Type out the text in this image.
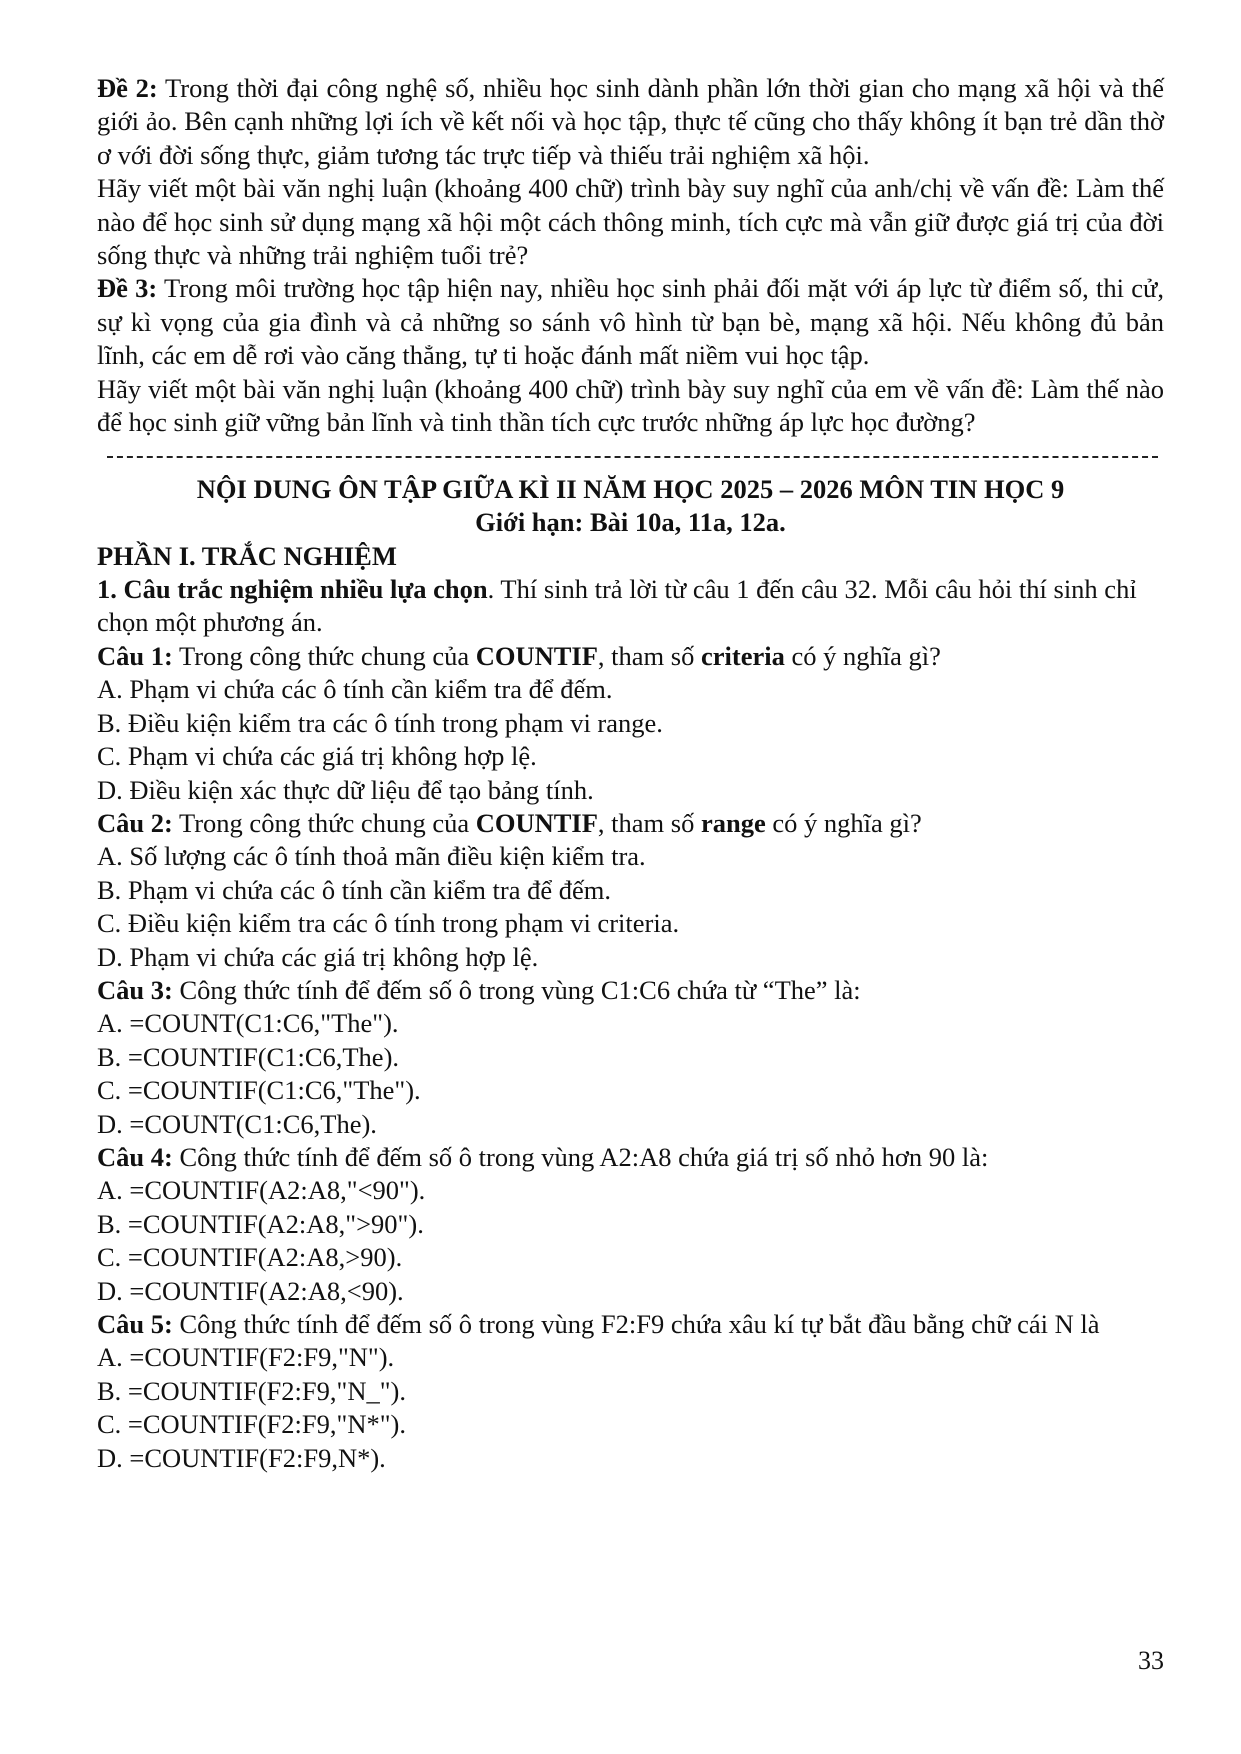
Đề 2: Trong thời đại công nghệ số, nhiều học sinh dành phần lớn thời gian cho mạng xã hội và thế giới ảo. Bên cạnh những lợi ích về kết nối và học tập, thực tế cũng cho thấy không ít bạn trẻ dần thờ ơ với đời sống thực, giảm tương tác trực tiếp và thiếu trải nghiệm xã hội.

Hãy viết một bài văn nghị luận (khoảng 400 chữ) trình bày suy nghĩ của anh/chị về vấn đề: Làm thế nào để học sinh sử dụng mạng xã hội một cách thông minh, tích cực mà vẫn giữ được giá trị của đời sống thực và những trải nghiệm tuổi trẻ?

Đề 3: Trong môi trường học tập hiện nay, nhiều học sinh phải đối mặt với áp lực từ điểm số, thi cử, sự kì vọng của gia đình và cả những so sánh vô hình từ bạn bè, mạng xã hội. Nếu không đủ bản lĩnh, các em dễ rơi vào căng thẳng, tự ti hoặc đánh mất niềm vui học tập.

Hãy viết một bài văn nghị luận (khoảng 400 chữ) trình bày suy nghĩ của em về vấn đề: Làm thế nào để học sinh giữ vững bản lĩnh và tinh thần tích cực trước những áp lực học đường?

NỘI DUNG ÔN TẬP GIỮA KÌ II NĂM HỌC 2025 – 2026 MÔN TIN HỌC 9

Giới hạn: Bài 10a, 11a, 12a.

PHẦN I. TRẮC NGHIỆM

1. Câu trắc nghiệm nhiều lựa chọn. Thí sinh trả lời từ câu 1 đến câu 32. Mỗi câu hỏi thí sinh chỉ chọn một phương án.

Câu 1: Trong công thức chung của COUNTIF, tham số criteria có ý nghĩa gì?

A. Phạm vi chứa các ô tính cần kiểm tra để đếm.

B. Điều kiện kiểm tra các ô tính trong phạm vi range.

C. Phạm vi chứa các giá trị không hợp lệ.

D. Điều kiện xác thực dữ liệu để tạo bảng tính.

Câu 2: Trong công thức chung của COUNTIF, tham số range có ý nghĩa gì?

A. Số lượng các ô tính thoả mãn điều kiện kiểm tra.

B. Phạm vi chứa các ô tính cần kiểm tra để đếm.

C. Điều kiện kiểm tra các ô tính trong phạm vi criteria.

D. Phạm vi chứa các giá trị không hợp lệ.

Câu 3: Công thức tính để đếm số ô trong vùng C1:C6 chứa từ “The” là:

A. =COUNT(C1:C6,"The").

B. =COUNTIF(C1:C6,The).

C. =COUNTIF(C1:C6,"The").

D. =COUNT(C1:C6,The).

Câu 4: Công thức tính để đếm số ô trong vùng A2:A8 chứa giá trị số nhỏ hơn 90 là:

A. =COUNTIF(A2:A8,"<90").

B. =COUNTIF(A2:A8,">90").

C. =COUNTIF(A2:A8,>90).

D. =COUNTIF(A2:A8,<90).

Câu 5: Công thức tính để đếm số ô trong vùng F2:F9 chứa xâu kí tự bắt đầu bằng chữ cái N là

A. =COUNTIF(F2:F9,"N").

B. =COUNTIF(F2:F9,"N_").

C. =COUNTIF(F2:F9,"N*").

D. =COUNTIF(F2:F9,N*).

33
